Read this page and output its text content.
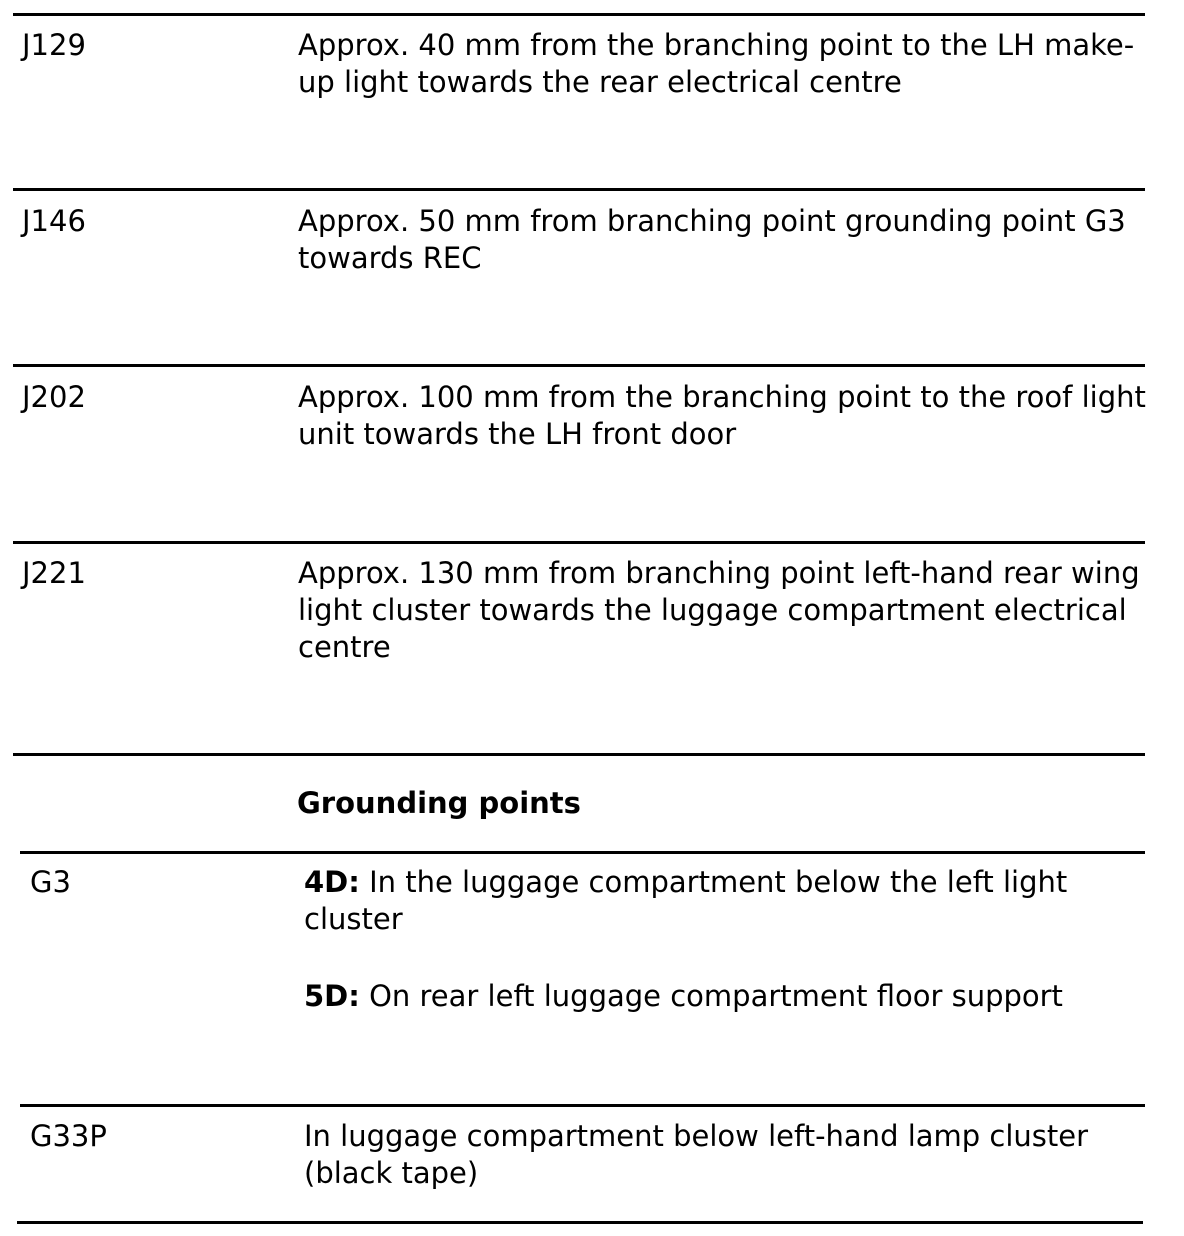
J129	Approx. 40 mm from the branching point to the LH make-up light towards the rear electrical centre
J146	Approx. 50 mm from branching point grounding point G3 towards REC
J202	Approx. 100 mm from the branching point to the roof light unit towards the LH front door
J221	Approx. 130 mm from branching point left-hand rear wing light cluster towards the luggage compartment electrical centre
Grounding points
G3	4D: In the luggage compartment below the left light cluster
5D: On rear left luggage compartment floor support
G33P	In luggage compartment below left-hand lamp cluster (black tape)
